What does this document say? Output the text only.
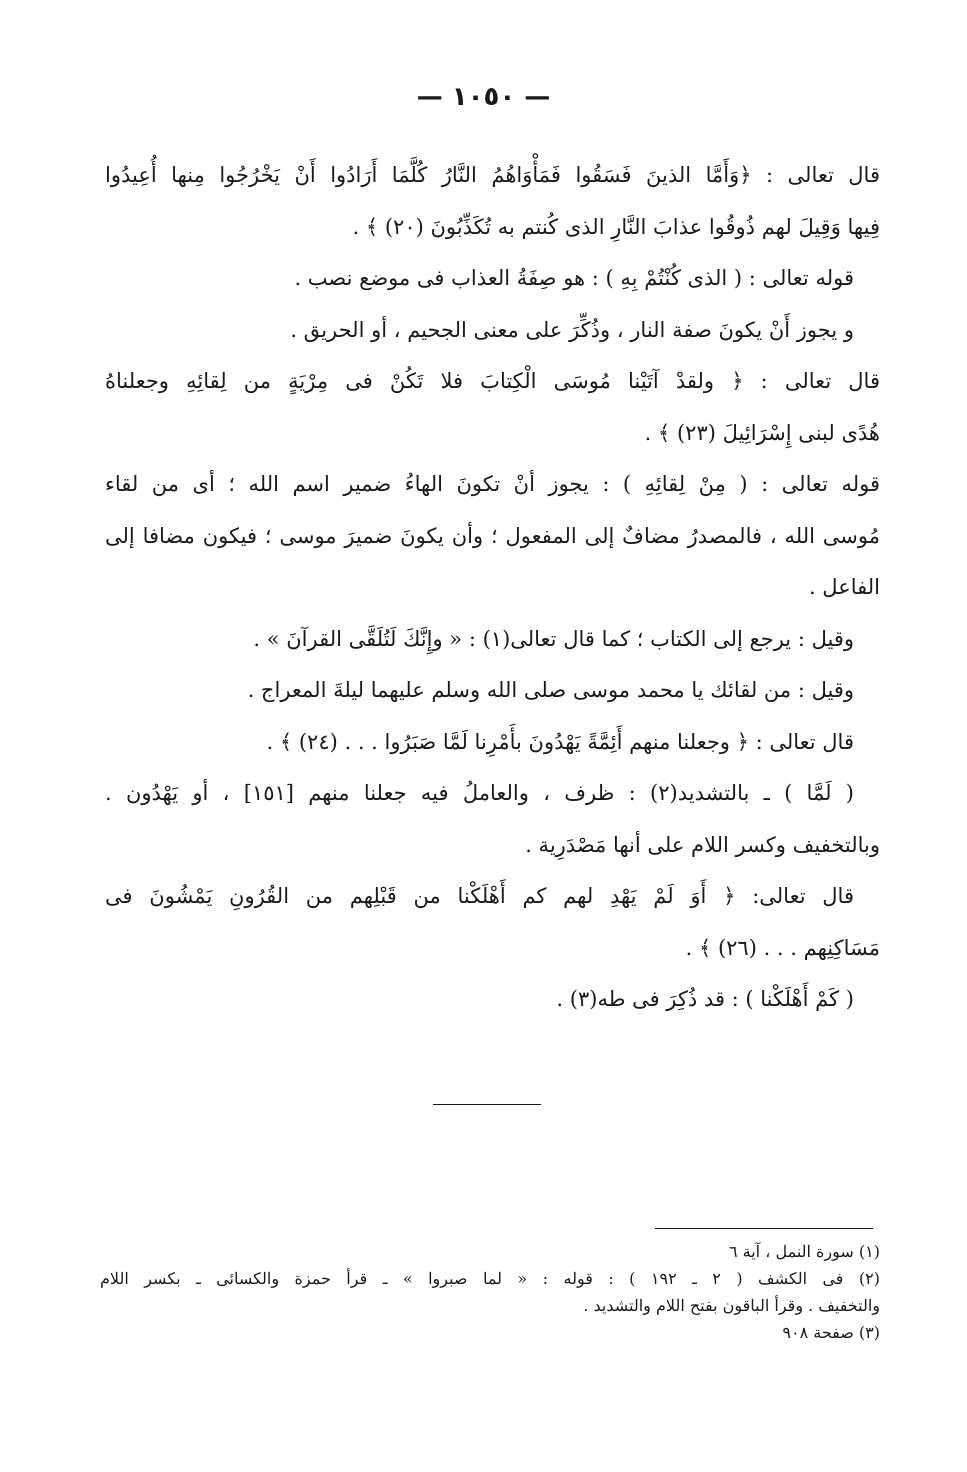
— ١٠٥٠ —
قال تعالى : ﴿وَأَمَّا الذينَ فَسَقُوا فَمَأْوَاهُمُ النَّارُ كُلَّمَا أَرَادُوا أَنْ يَخْرُجُوا مِنها أُعِيدُوا
فِيها وَقِيلَ لهم ذُوقُوا عذابَ النَّارِ الذى كُنتم به تُكَذِّبُونَ (٢٠) ﴾ .
قوله تعالى : ( الذى كُنْتُمْ بِهِ ) : هو صِفَةُ العذاب فى موضع نصب .
و يجوز أَنْ يكونَ صفة النار ، وذُكِّرَ على معنى الجحيم ، أو الحريق .
قال تعالى : ﴿ ولقدْ آتَيْنا مُوسَى الْكِتابَ فلا تَكُنْ فى مِرْيَةٍ من لِقائِهِ وجعلناهُ
هُدًى لبنى إِسْرَائِيلَ (٢٣) ﴾ .
قوله تعالى : ( مِنْ لِقائِهِ ) : يجوز أنْ تكونَ الهاءُ ضمير اسم الله ؛ أى من لقاء
مُوسى الله ، فالمصدرُ مضافٌ إلى المفعول ؛ وأن يكونَ ضميرَ موسى ؛ فيكون مضافا إلى
الفاعل .
وقيل : يرجع إلى الكتاب ؛ كما قال تعالى(١) : « وإِنَّكَ لَتُلَقَّى القرآنَ » .
وقيل : من لقائك يا محمد موسى صلى الله وسلم عليهما ليلةَ المعراج .
قال تعالى : ﴿ وجعلنا منهم أَئِمَّةً يَهْدُونَ بأَمْرِنا لَمَّا صَبَرُوا . . . (٢٤) ﴾ .
( لَمَّا ) ـ بالتشديد(٢) : ظرف ، والعاملُ فيه جعلنا منهم [١٥١] ، أو يَهْدُون .
وبالتخفيف وكسر اللام على أنها مَصْدَرِية .
قال تعالى: ﴿ أَوَ لَمْ يَهْدِ لهم كم أَهْلَكْنا من قَبْلِهم من القُرُونِ يَمْشُونَ فى
مَسَاكِنِهم . . . (٢٦) ﴾ .
( كَمْ أَهْلَكْنا ) : قد ذُكِرَ فى طه(٣) .
(١) سورة النمل ، آية ٦
(٢) فى الكشف ( ٢ ـ ١٩٢ ) : قوله : « لما صبروا » ـ قرأ حمزة والكسائى ـ بكسر اللام
والتخفيف . وقرأ الباقون بفتح اللام والتشديد .
(٣) صفحة ٩٠٨
